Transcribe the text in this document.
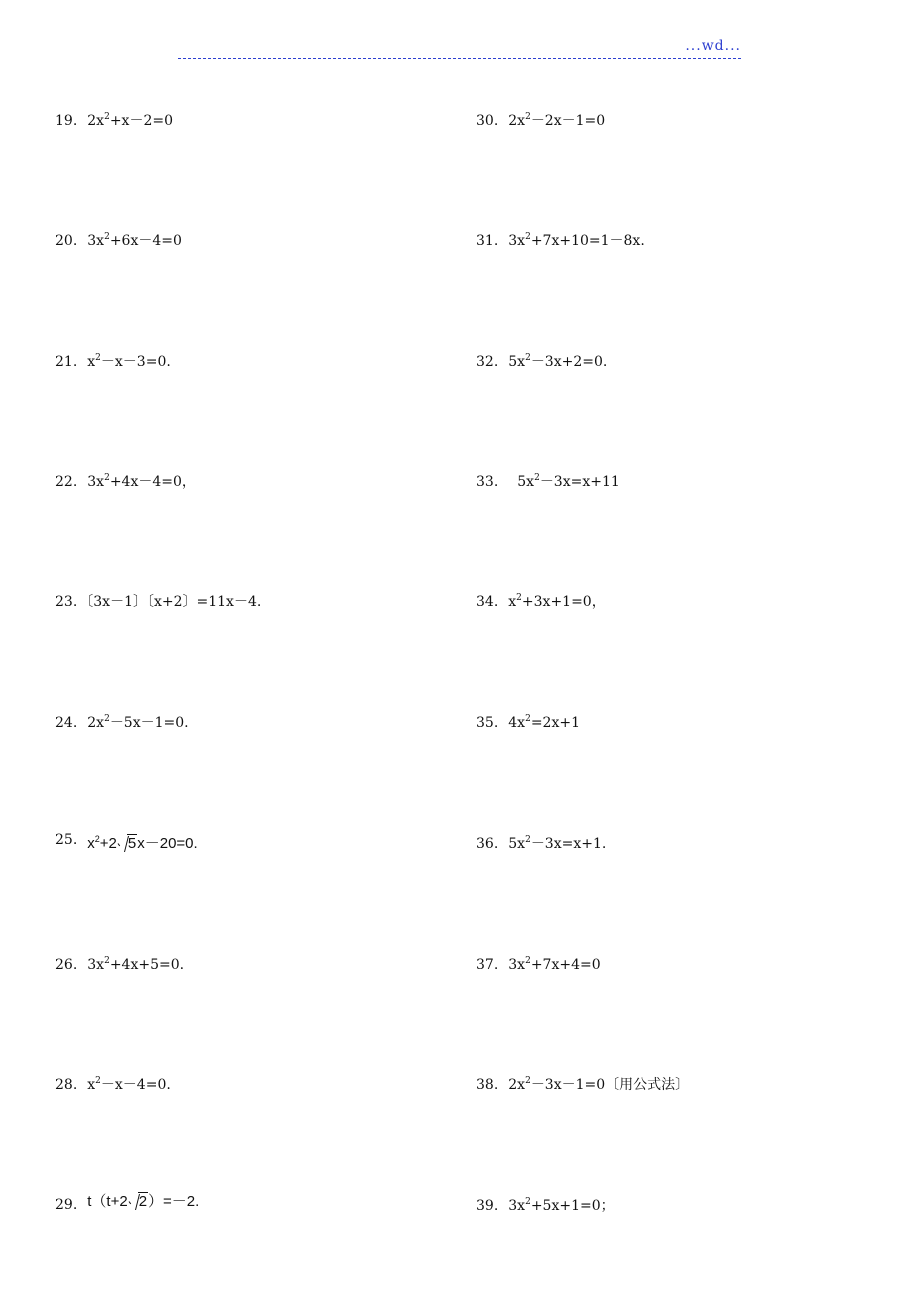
...wd...
19. $2x^2+x-2=0$
20. $3x^2+6x-4=0$
21. $x^2-x-3=0$.
22. $3x^2+4x-4=0$，
23. 〔3x－1〕〔x+2〕=11x－4.
24. $2x^2-5x-1=0$.
25. $x^2+2$ 5x－20=0.
26. $3x^2+4x+5=0$.
28. $x^2-x-4=0$.
29. t（t+2 2）=－2.
30. $2x^2-2x-1=0$
31. $3x^2+7x+10=1-8x$.
32. $5x^2-3x+2=0$.
33. $5x^2-3x=x+11$
34. $x^2+3x+1=0$，
35. $4x^2=2x+1$
36. $5x^2-3x=x+1$.
37. $3x^2+7x+4=0$
38. $2x^2-3x-1=0$〔用公式法〕
39. $3x^2+5x+1=0$；
